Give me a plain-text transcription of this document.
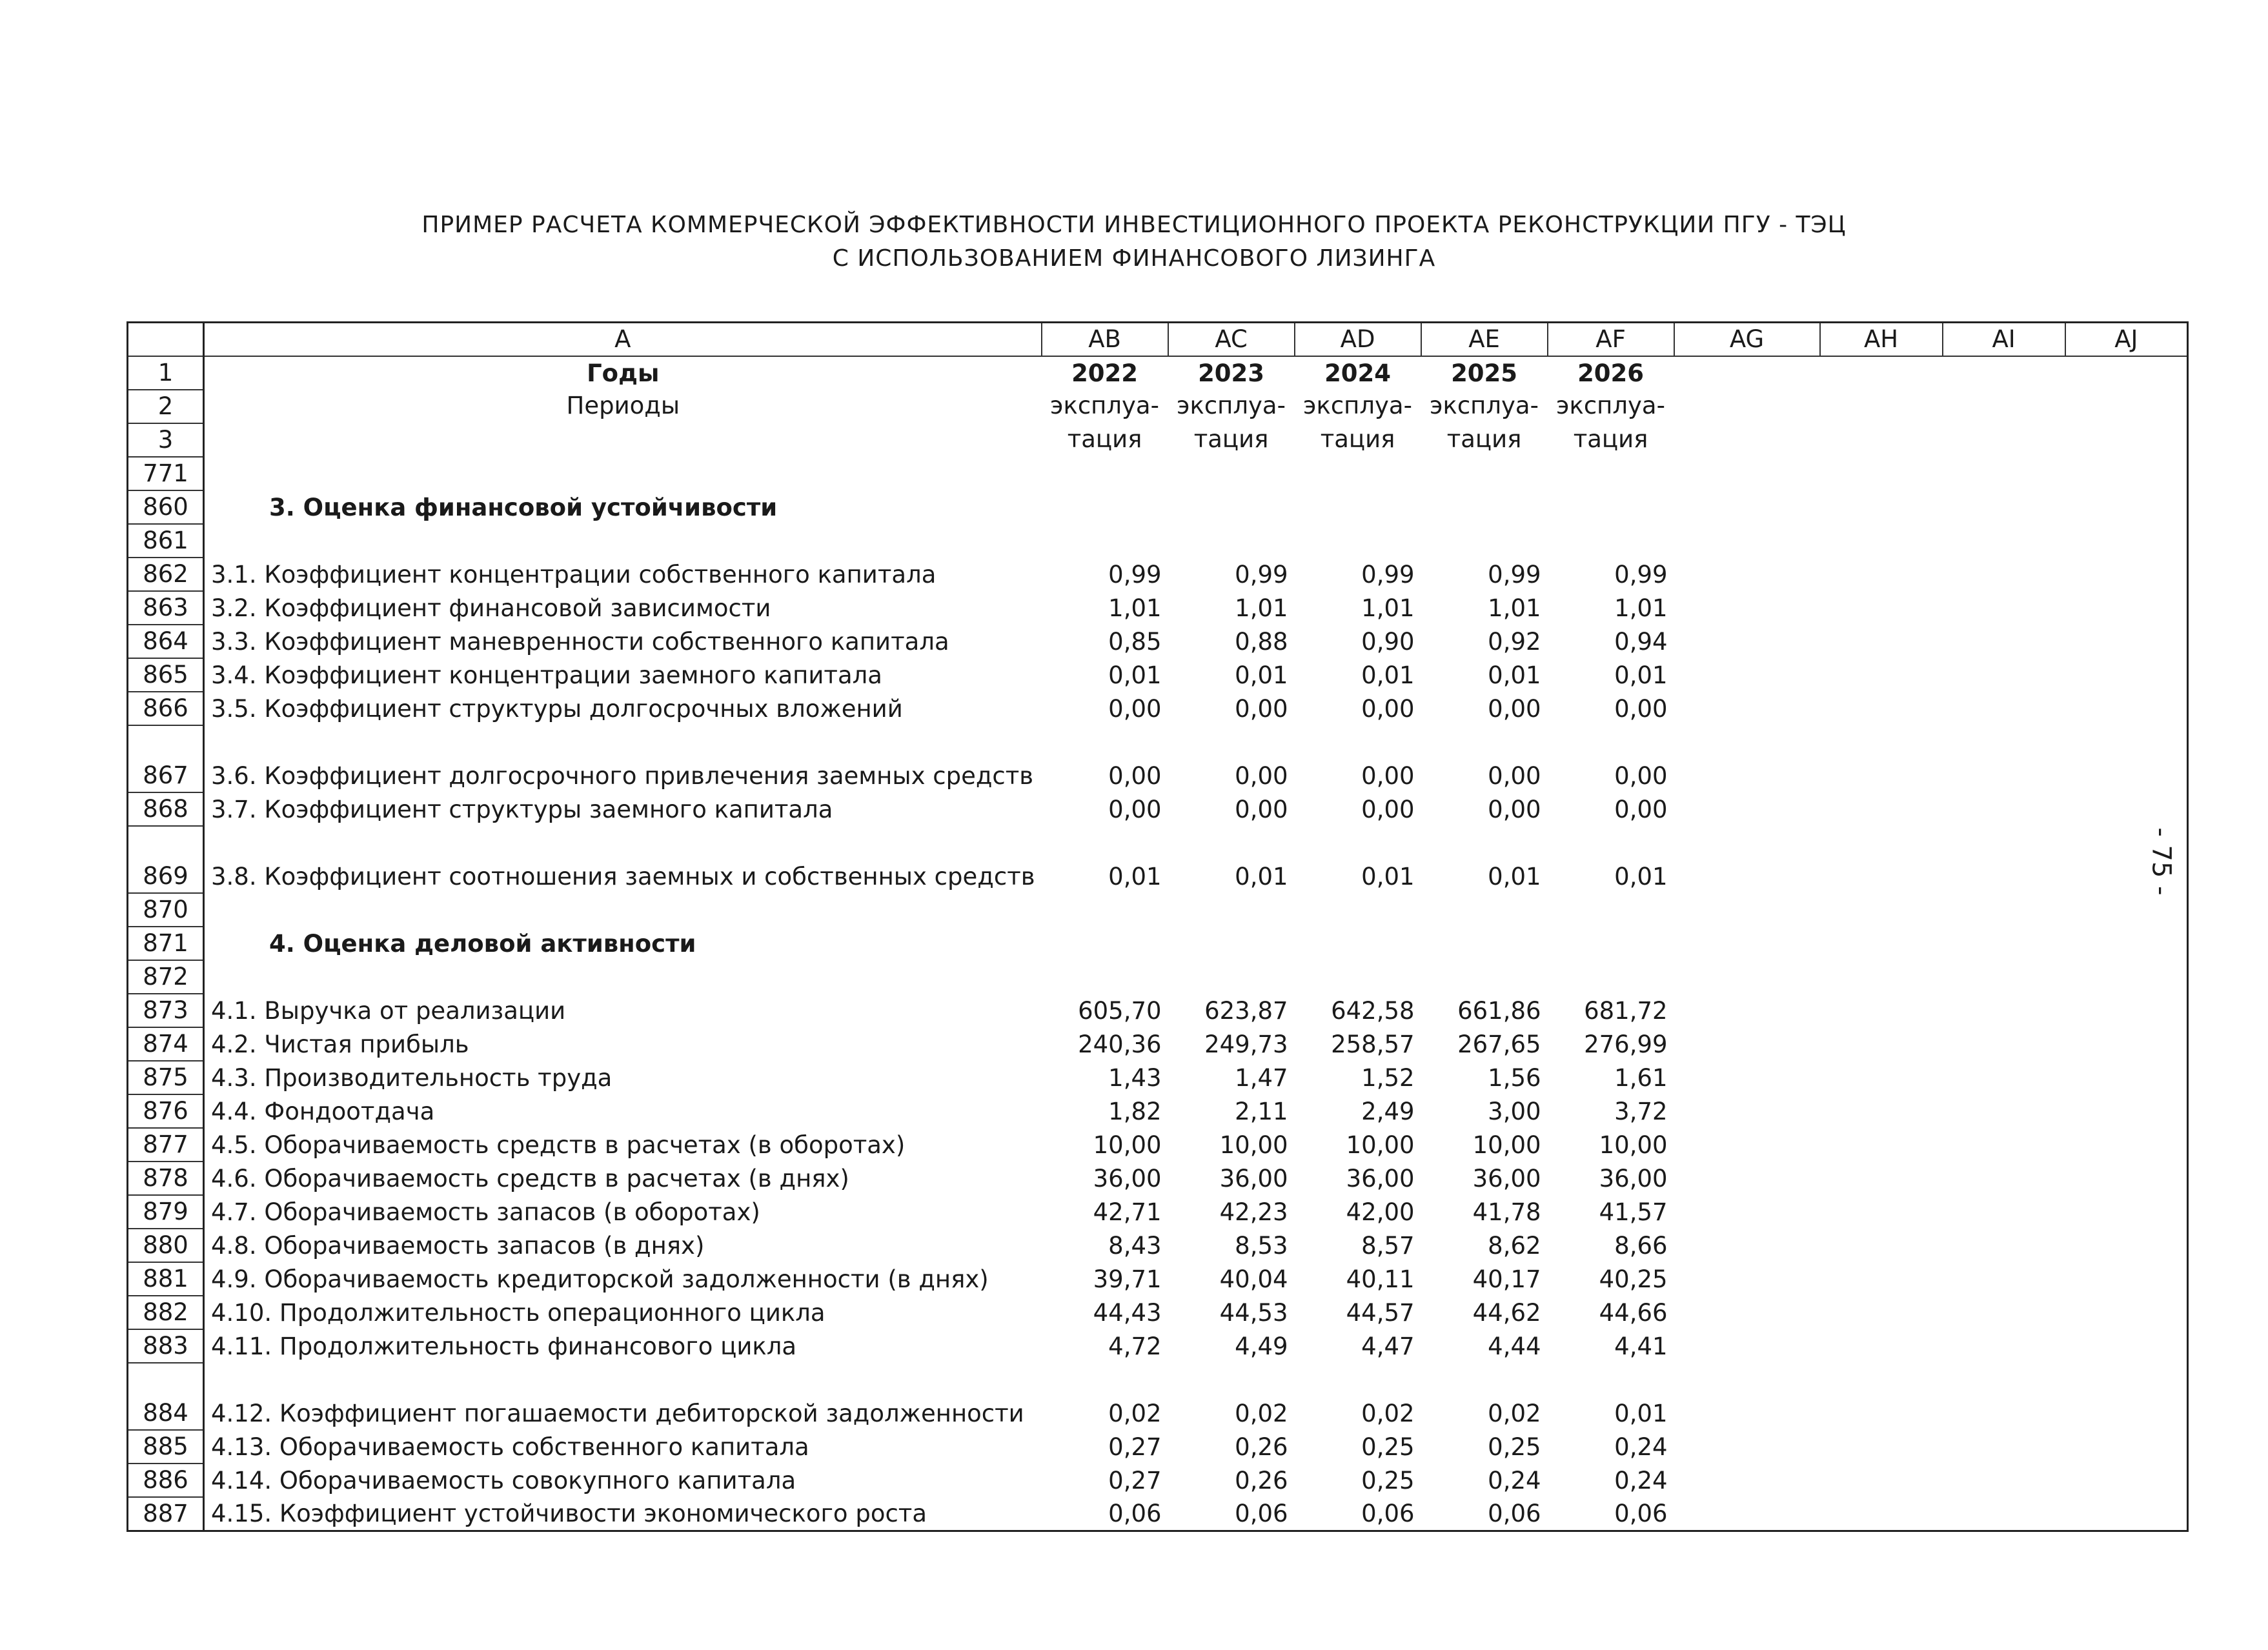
ПРИМЕР РАСЧЕТА КОММЕРЧЕСКОЙ ЭФФЕКТИВНОСТИ ИНВЕСТИЦИОННОГО ПРОЕКТА РЕКОНСТРУКЦИИ ПГУ - ТЭЦ
С ИСПОЛЬЗОВАНИЕМ ФИНАНСОВОГО ЛИЗИНГА
- 75 -
	A	AB	AC	AD	AE	AF	AG	AH	AI	AJ
1	Годы	2022	2023	2024	2025	2026				
2	Периоды	эксплуа-	эксплуа-	эксплуа-	эксплуа-	эксплуа-				
3		тация	тация	тация	тация	тация				
771										
860	3. Оценка финансовой устойчивости									
861										
862	3.1. Коэффициент концентрации собственного капитала	0,99	0,99	0,99	0,99	0,99				
863	3.2. Коэффициент финансовой зависимости	1,01	1,01	1,01	1,01	1,01				
864	3.3. Коэффициент маневренности собственного капитала	0,85	0,88	0,90	0,92	0,94				
865	3.4. Коэффициент концентрации заемного капитала	0,01	0,01	0,01	0,01	0,01				
866	3.5. Коэффициент структуры долгосрочных вложений	0,00	0,00	0,00	0,00	0,00				
867	3.6. Коэффициент долгосрочного привлечения заемных средств	0,00	0,00	0,00	0,00	0,00				
868	3.7. Коэффициент структуры заемного капитала	0,00	0,00	0,00	0,00	0,00				
869	3.8. Коэффициент соотношения заемных и собственных средств	0,01	0,01	0,01	0,01	0,01				
870										
871	4. Оценка деловой активности									
872										
873	4.1. Выручка от реализации	605,70	623,87	642,58	661,86	681,72				
874	4.2. Чистая прибыль	240,36	249,73	258,57	267,65	276,99				
875	4.3. Производительность труда	1,43	1,47	1,52	1,56	1,61				
876	4.4. Фондоотдача	1,82	2,11	2,49	3,00	3,72				
877	4.5. Оборачиваемость средств в расчетах (в оборотах)	10,00	10,00	10,00	10,00	10,00				
878	4.6. Оборачиваемость средств в расчетах (в днях)	36,00	36,00	36,00	36,00	36,00				
879	4.7. Оборачиваемость запасов (в оборотах)	42,71	42,23	42,00	41,78	41,57				
880	4.8. Оборачиваемость запасов (в днях)	8,43	8,53	8,57	8,62	8,66				
881	4.9. Оборачиваемость кредиторской задолженности (в днях)	39,71	40,04	40,11	40,17	40,25				
882	4.10. Продолжительность операционного цикла	44,43	44,53	44,57	44,62	44,66				
883	4.11. Продолжительность финансового цикла	4,72	4,49	4,47	4,44	4,41				
884	4.12. Коэффициент погашаемости дебиторской задолженности	0,02	0,02	0,02	0,02	0,01				
885	4.13. Оборачиваемость собственного капитала	0,27	0,26	0,25	0,25	0,24				
886	4.14. Оборачиваемость совокупного капитала	0,27	0,26	0,25	0,24	0,24				
887	4.15. Коэффициент устойчивости экономического роста	0,06	0,06	0,06	0,06	0,06				
